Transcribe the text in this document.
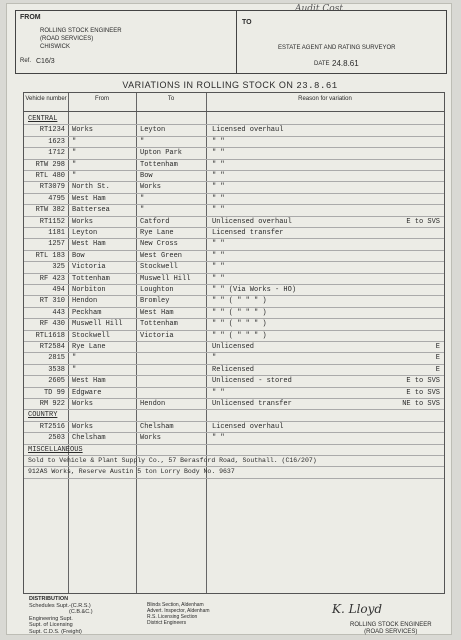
Audit Cost
FROM
ROLLING STOCK ENGINEER
(ROAD SERVICES)
CHISWICK
Ref. C16/3
TO
ESTATE AGENT AND RATING SURVEYOR
DATE 24.8.61
VARIATIONS IN ROLLING STOCK ON 23.8.61
Vehicle number	From	To	Reason for variation
CENTRAL
RT1234 Works	Leyton	Licensed overhaul
1623 "	"	" "
1712 "	Upton Park	" "
RTW 298 "	Tottenham	" "
RTL 480 "	Bow	" "
RT3079 North St.	Works	" "
4795 West Ham	"	" "
RTW 382 Battersea	"	" "
RT1152 Works	Catford	Unlicensed overhaul	E to SVS
1181 Leyton	Rye Lane	Licensed transfer
1257 West Ham	New Cross	" "
RTL 183 Bow	West Green	" "
325 Victoria	Stockwell	" "
RF 423 Tottenham	Muswell Hill	" "
494 Norbiton	Loughton	" " (Via Works - HO)
RT 310 Hendon	Bromley	" " ( " " " )
443 Peckham	West Ham	" " ( " " " )
RF 430 Muswell Hill	Tottenham	" " ( " " " )
RTL1618 Stockwell	Victoria	" " ( " " " )
RT2584 Rye Lane	Unlicensed	E
2815 "	"	E
3538 "	Relicensed	E
2605 West Ham	Unlicensed - stored	E to SVS
TD 99 Edgware	" "	E to SVS
RM 922 Works	Hendon	Unlicensed transfer	NE to SVS
COUNTRY
RT2516 Works	Chelsham	Licensed overhaul
2503 Chelsham	Works	" "
MISCELLANEOUS
Sold to Vehicle & Plant Supply Co., 57 Berasford Road, Southall. (C16/207)
912AS Works, Reserve Austin 5 ton Lorry Body No. 9637
DISTRIBUTION
Schedules Supt.-(C.R.S.)
(C.B.&C.)
Engineering Supt.
Supt. of Licensing
Supt. C.D.S. (Freight)
Blinds Section, Aldenham
Advert. Inspector, Aldenham
R.S. Licensing Section
District Engineers
K. Lloyd
ROLLING STOCK ENGINEER
(ROAD SERVICES)
